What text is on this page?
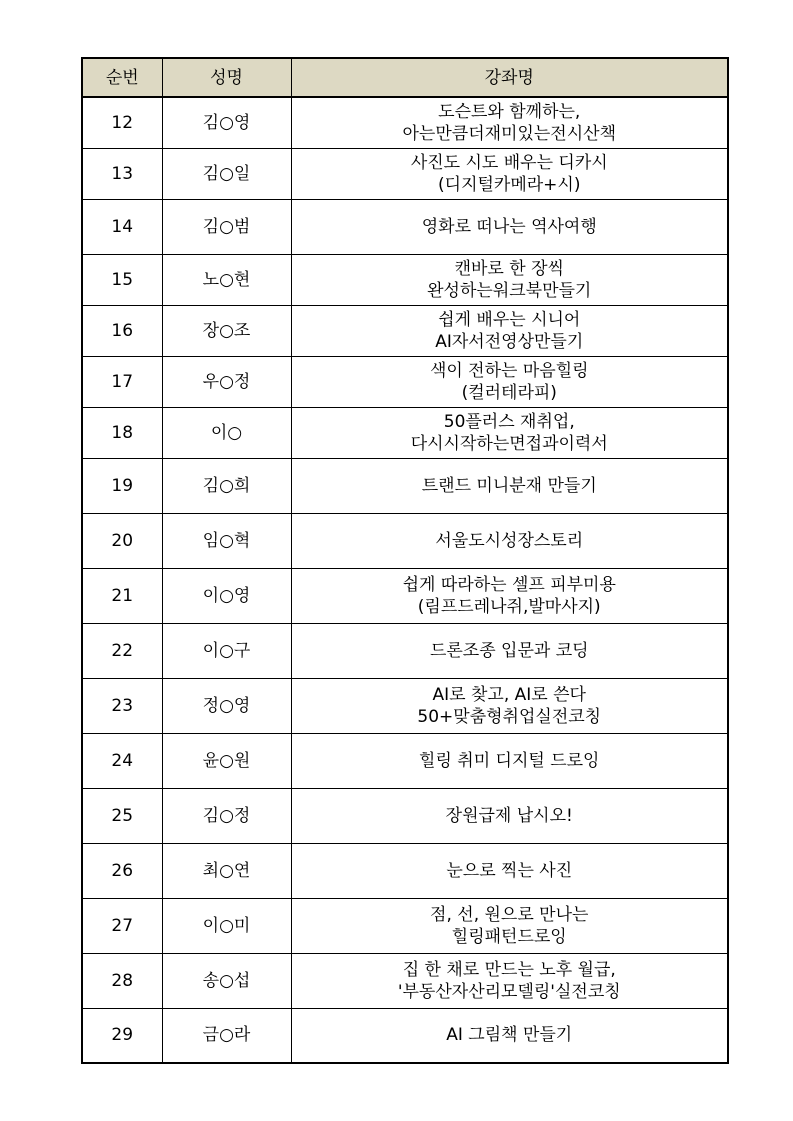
순번	성명	강좌명
12	김○영	도슨트와 함께하는,
아는만큼더재미있는전시산책

13	김○일	사진도 시도 배우는 디카시
(디지털카메라+시)

14	김○범	영화로 떠나는 역사여행

15	노○현	캔바로 한 장씩
완성하는워크북만들기

16	장○조	쉽게 배우는 시니어
AI자서전영상만들기

17	우○정	색이 전하는 마음힐링
(컬러테라피)

18	이○	50플러스 재취업,
다시시작하는면접과이력서

19	김○희	트랜드 미니분재 만들기

20	임○혁	서울도시성장스토리

21	이○영	쉽게 따라하는 셀프 피부미용
(림프드레나쥐,발마사지)

22	이○구	드론조종 입문과 코딩

23	정○영	AI로 찾고, AI로 쓴다
50+맞춤형취업실전코칭

24	윤○원	힐링 취미 디지털 드로잉

25	김○정	장원급제 납시오!

26	최○연	눈으로 찍는 사진

27	이○미	점, 선, 원으로 만나는
힐링패턴드로잉

28	송○섭	집 한 채로 만드는 노후 월급,
'부동산자산리모델링'실전코칭

29	금○라	AI 그림책 만들기
